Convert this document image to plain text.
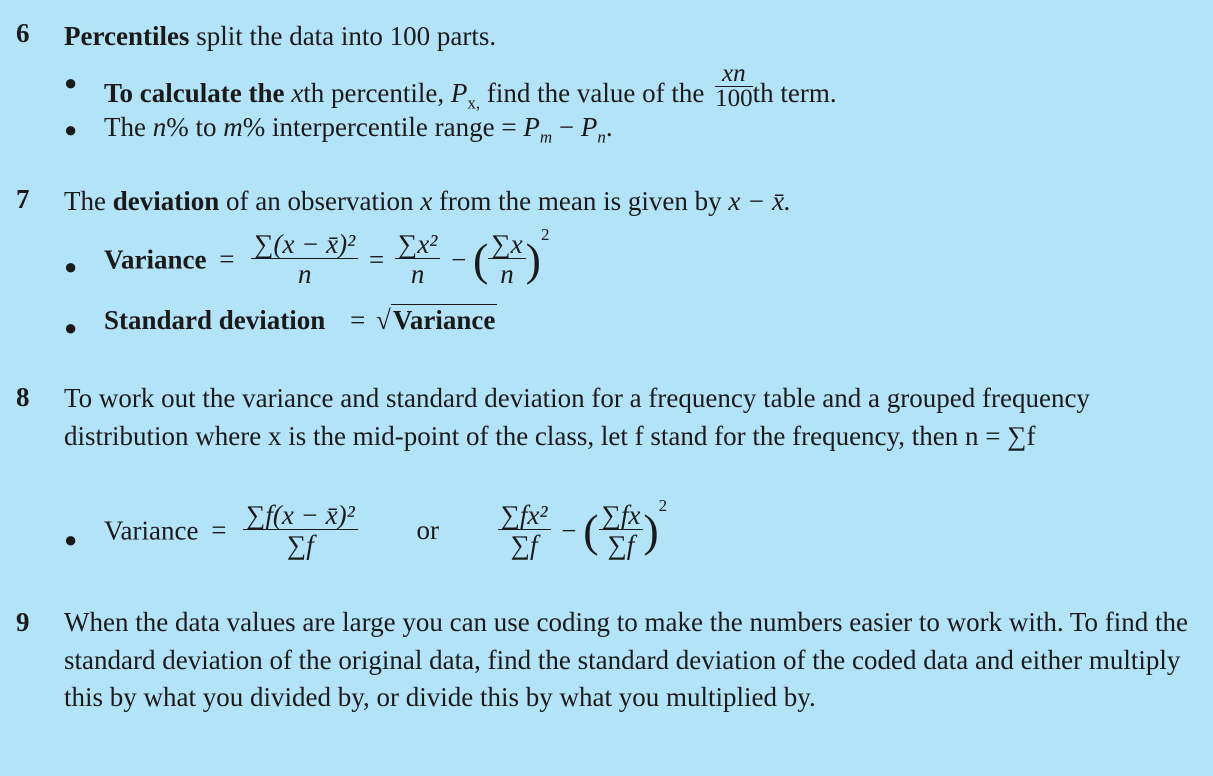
6 Percentiles split the data into 100 parts.
● To calculate the xth percentile, $P_{x,}$ find the value of the $\frac{xn}{100}$ th term.
● The n% to m% interpercentile range = $P_m - P_n$.
7 The deviation of an observation x from the mean is given by x − x̄.
● Variance = $\frac{\text{∑(x − x̄)²}}{n} = \frac{\text{∑x²}}{n}$ − ( $\frac{\sum x}{n} )^2$
● Standard deviation = √Variance
8 To work out the variance and standard deviation for a frequency table and a grouped frequency distribution where x is the mid-point of the class, let f stand for the frequency, then n = ∑f
● Variance = $\frac{\text{∑f(x − x̄)²}}{\sum f}$ or $\frac{\text{∑fx²}}{\sum f}$ − ( $\frac{\sum fx}{\sum f} )^2$
9 When the data values are large you can use coding to make the numbers easier to work with. To find the standard deviation of the original data, find the standard deviation of the coded data and either multiply this by what you divided by, or divide this by what you multiplied by.
